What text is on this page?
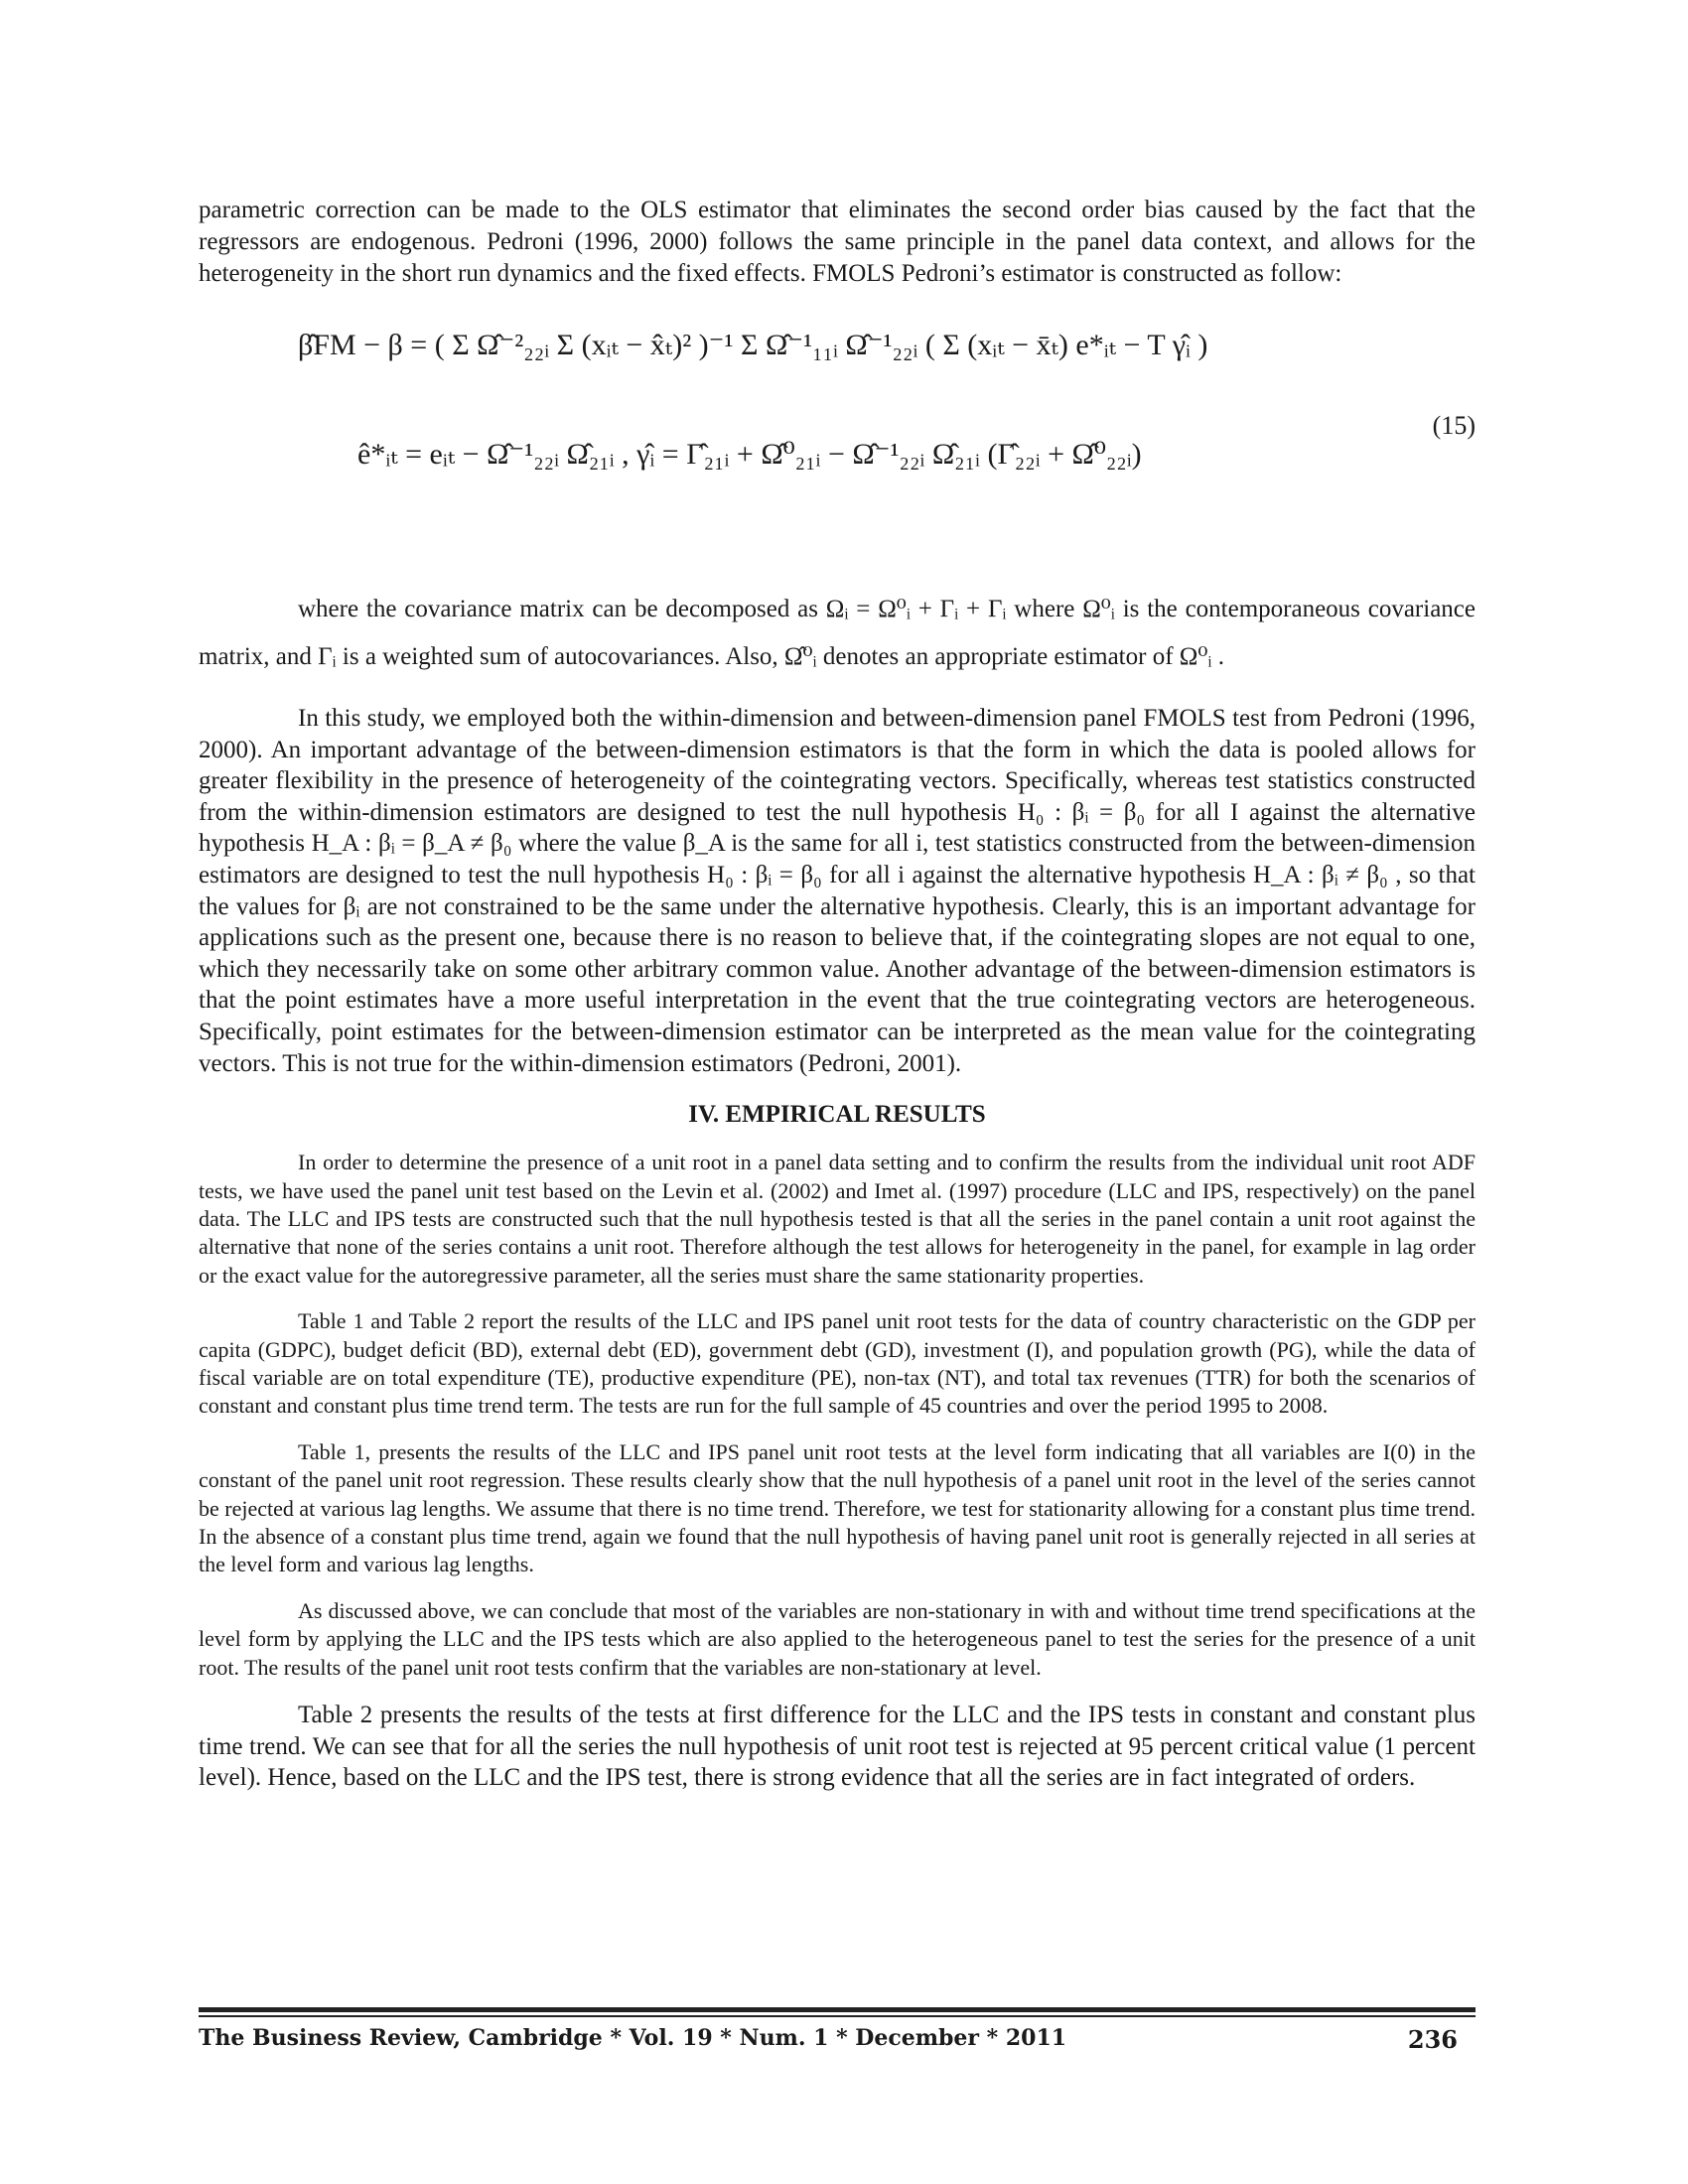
parametric correction can be made to the OLS estimator that eliminates the second order bias caused by the fact that the regressors are endogenous. Pedroni (1996, 2000) follows the same principle in the panel data context, and allows for the heterogeneity in the short run dynamics and the fixed effects. FMOLS Pedroni’s estimator is constructed as follow:

β̂FM − β = ( Σ Ω̂⁻²₂₂ᵢ Σ (xᵢₜ − x̂ₜ)² )⁻¹ Σ Ω̂⁻¹₁₁ᵢ Ω̂⁻¹₂₂ᵢ ( Σ (xᵢₜ − x̄ₜ) e*ᵢₜ − T γ̂ᵢ )
ê*ᵢₜ = eᵢₜ − Ω̂⁻¹₂₂ᵢ Ω̂₂₁ᵢ , γ̂ᵢ = Γ̂₂₁ᵢ + Ω̂⁰₂₁ᵢ − Ω̂⁻¹₂₂ᵢ Ω̂₂₁ᵢ (Γ̂₂₂ᵢ + Ω̂⁰₂₂ᵢ)
(15)

where the covariance matrix can be decomposed as Ωᵢ = Ω⁰ᵢ + Γᵢ + Γᵢ where Ω⁰ᵢ is the contemporaneous covariance matrix, and Γᵢ is a weighted sum of autocovariances. Also, Ω̂⁰ᵢ denotes an appropriate estimator of Ω⁰ᵢ .

In this study, we employed both the within-dimension and between-dimension panel FMOLS test from Pedroni (1996, 2000). An important advantage of the between-dimension estimators is that the form in which the data is pooled allows for greater flexibility in the presence of heterogeneity of the cointegrating vectors. Specifically, whereas test statistics constructed from the within-dimension estimators are designed to test the null hypothesis H₀ : βᵢ = β₀ for all I against the alternative hypothesis H_A : βᵢ = β_A ≠ β₀ where the value β_A is the same for all i, test statistics constructed from the between-dimension estimators are designed to test the null hypothesis H₀ : βᵢ = β₀ for all i against the alternative hypothesis H_A : βᵢ ≠ β₀ , so that the values for βᵢ are not constrained to be the same under the alternative hypothesis. Clearly, this is an important advantage for applications such as the present one, because there is no reason to believe that, if the cointegrating slopes are not equal to one, which they necessarily take on some other arbitrary common value. Another advantage of the between-dimension estimators is that the point estimates have a more useful interpretation in the event that the true cointegrating vectors are heterogeneous. Specifically, point estimates for the between-dimension estimator can be interpreted as the mean value for the cointegrating vectors. This is not true for the within-dimension estimators (Pedroni, 2001).

IV. EMPIRICAL RESULTS

In order to determine the presence of a unit root in a panel data setting and to confirm the results from the individual unit root ADF tests, we have used the panel unit test based on the Levin et al. (2002) and Imet al. (1997) procedure (LLC and IPS, respectively) on the panel data. The LLC and IPS tests are constructed such that the null hypothesis tested is that all the series in the panel contain a unit root against the alternative that none of the series contains a unit root. Therefore although the test allows for heterogeneity in the panel, for example in lag order or the exact value for the autoregressive parameter, all the series must share the same stationarity properties.

Table 1 and Table 2 report the results of the LLC and IPS panel unit root tests for the data of country characteristic on the GDP per capita (GDPC), budget deficit (BD), external debt (ED), government debt (GD), investment (I), and population growth (PG), while the data of fiscal variable are on total expenditure (TE), productive expenditure (PE), non-tax (NT), and total tax revenues (TTR) for both the scenarios of constant and constant plus time trend term. The tests are run for the full sample of 45 countries and over the period 1995 to 2008.

Table 1, presents the results of the LLC and IPS panel unit root tests at the level form indicating that all variables are I(0) in the constant of the panel unit root regression. These results clearly show that the null hypothesis of a panel unit root in the level of the series cannot be rejected at various lag lengths. We assume that there is no time trend. Therefore, we test for stationarity allowing for a constant plus time trend. In the absence of a constant plus time trend, again we found that the null hypothesis of having panel unit root is generally rejected in all series at the level form and various lag lengths.

As discussed above, we can conclude that most of the variables are non-stationary in with and without time trend specifications at the level form by applying the LLC and the IPS tests which are also applied to the heterogeneous panel to test the series for the presence of a unit root. The results of the panel unit root tests confirm that the variables are non-stationary at level.

Table 2 presents the results of the tests at first difference for the LLC and the IPS tests in constant and constant plus time trend. We can see that for all the series the null hypothesis of unit root test is rejected at 95 percent critical value (1 percent level). Hence, based on the LLC and the IPS test, there is strong evidence that all the series are in fact integrated of orders.

The Business Review, Cambridge * Vol. 19 * Num. 1 * December * 2011	236
